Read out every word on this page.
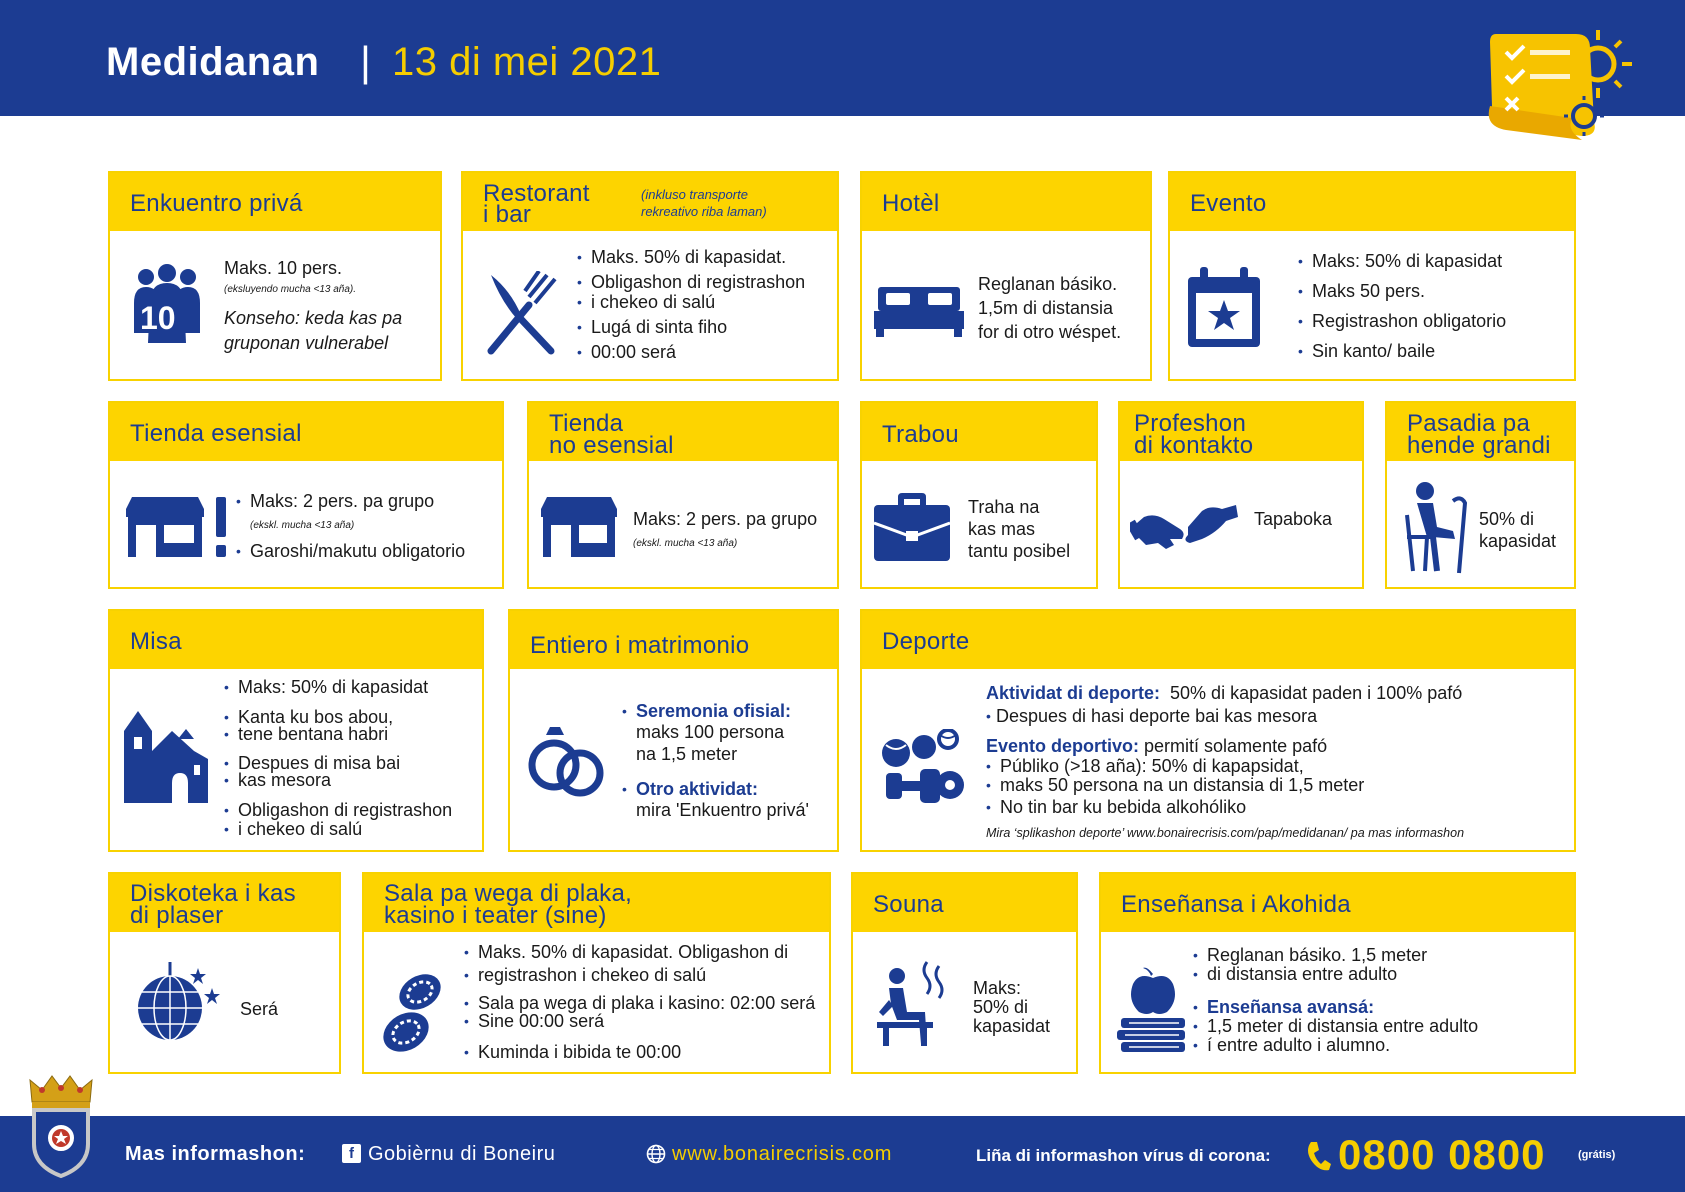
Medidanan | 13 di mei 2021
Enkuentro privá
10
Maks. 10 pers.
(eksluyendo mucha <13 aña).
Konseho: keda kas pa
gruponan vulnerabel
Restorant
i bar
(inkluso transporte
rekreativo riba laman)
• Maks. 50% di kapasidat.
• Obligashon di registrashon
• i chekeo di salú
• Lugá di sinta fiho
• 00:00 será
Hotèl
Reglanan básiko.
1,5m di distansia
for di otro wéspet.
Evento
• Maks: 50% di kapasidat
• Maks 50 pers.
• Registrashon obligatorio
• Sin kanto/ baile
Tienda esensial
• Maks: 2 pers. pa grupo
(ekskl. mucha <13 aña)
• Garoshi/makutu obligatorio
Tienda
no esensial
Maks: 2 pers. pa grupo
(ekskl. mucha <13 aña)
Trabou
Traha na
kas mas
tantu posibel
Profeshon
di kontakto
Tapaboka
Pasadia pa
hende grandi
50% di
kapasidat
Misa
• Maks: 50% di kapasidat
• Kanta ku bos abou,
• tene bentana habri
• Despues di misa bai
• kas mesora
• Obligashon di registrashon
• i chekeo di salú
Entiero i matrimonio
• Seremonia ofisial:
maks 100 persona
na 1,5 meter
• Otro aktividat:
mira 'Enkuentro privá'
Deporte
Aktividat di deporte: 50% di kapasidat paden i 100% pafó
• Despues di hasi deporte bai kas mesora
Evento deportivo: permití solamente pafó
• Públiko (>18 aña): 50% di kapapsidat,
• maks 50 persona na un distansia di 1,5 meter
• No tin bar ku bebida alkohóliko
Mira ‘splikashon deporte’ www.bonairecrisis.com/pap/medidanan/ pa mas informashon
Diskoteka i kas
di plaser
Será
Sala pa wega di plaka,
kasino i teater (sine)
• Maks. 50% di kapasidat. Obligashon di
• registrashon i chekeo di salú
• Sala pa wega di plaka i kasino: 02:00 será
• Sine 00:00 será
• Kuminda i bibida te 00:00
Souna
Maks:
50% di
kapasidat
Enseñansa i Akohida
• Reglanan básiko. 1,5 meter
• di distansia entre adulto
• Enseñansa avansá:
• 1,5 meter di distansia entre adulto
• í entre adulto i alumno.
Mas informashon:	f Gobièrnu di Boneiru	www.bonairecrisis.com	Liña di informashon vírus di corona: 0800 0800	(grátis)
